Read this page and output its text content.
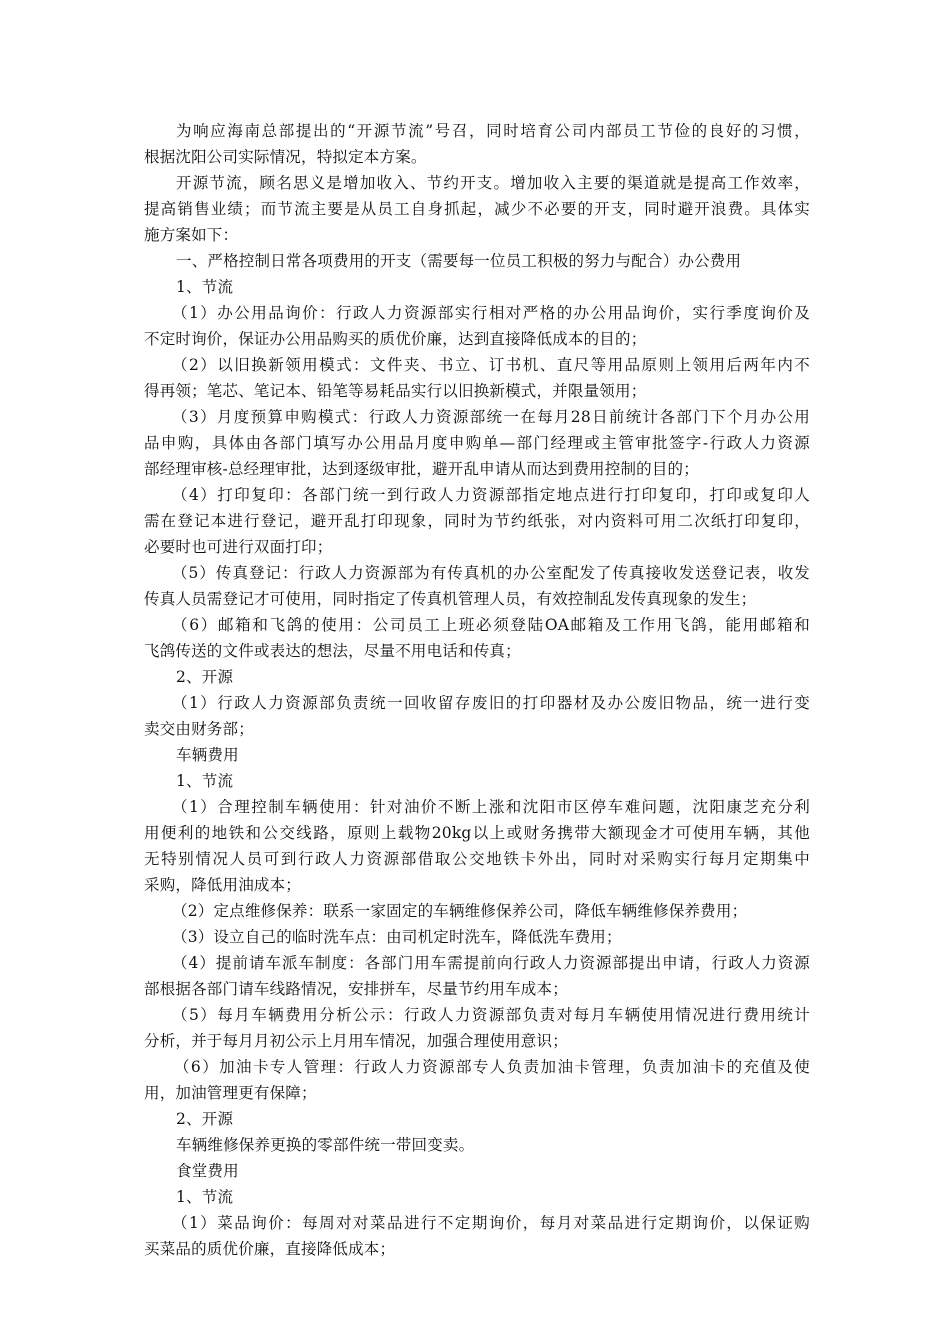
为响应海南总部提出的“开源节流”号召，同时培育公司内部员工节俭的良好的习惯，
根据沈阳公司实际情况，特拟定本方案。
开源节流，顾名思义是增加收入、节约开支。增加收入主要的渠道就是提高工作效率，
提高销售业绩；而节流主要是从员工自身抓起，减少不必要的开支，同时避开浪费。具体实
施方案如下：
一、严格控制日常各项费用的开支（需要每一位员工积极的努力与配合）办公费用
1、节流
（1）办公用品询价：行政人力资源部实行相对严格的办公用品询价，实行季度询价及
不定时询价，保证办公用品购买的质优价廉，达到直接降低成本的目的；
（2）以旧换新领用模式：文件夹、书立、订书机、直尺等用品原则上领用后两年内不
得再领；笔芯、笔记本、铅笔等易耗品实行以旧换新模式，并限量领用；
（3）月度预算申购模式：行政人力资源部统一在每月28日前统计各部门下个月办公用
品申购，具体由各部门填写办公用品月度申购单—部门经理或主管审批签字-行政人力资源
部经理审核-总经理审批，达到逐级审批，避开乱申请从而达到费用控制的目的；
（4）打印复印：各部门统一到行政人力资源部指定地点进行打印复印，打印或复印人
需在登记本进行登记，避开乱打印现象，同时为节约纸张，对内资料可用二次纸打印复印，
必要时也可进行双面打印；
（5）传真登记：行政人力资源部为有传真机的办公室配发了传真接收发送登记表，收发
传真人员需登记才可使用，同时指定了传真机管理人员，有效控制乱发传真现象的发生；
（6）邮箱和飞鸽的使用：公司员工上班必须登陆OA邮箱及工作用飞鸽，能用邮箱和
飞鸽传送的文件或表达的想法，尽量不用电话和传真；
2、开源
（1）行政人力资源部负责统一回收留存废旧的打印器材及办公废旧物品，统一进行变
卖交由财务部；
车辆费用
1、节流
（1）合理控制车辆使用：针对油价不断上涨和沈阳市区停车难问题，沈阳康芝充分利
用便利的地铁和公交线路，原则上载物20kg以上或财务携带大额现金才可使用车辆，其他
无特别情况人员可到行政人力资源部借取公交地铁卡外出，同时对采购实行每月定期集中
采购，降低用油成本；
（2）定点维修保养：联系一家固定的车辆维修保养公司，降低车辆维修保养费用；
（3）设立自己的临时洗车点：由司机定时洗车，降低洗车费用；
（4）提前请车派车制度：各部门用车需提前向行政人力资源部提出申请，行政人力资源
部根据各部门请车线路情况，安排拼车，尽量节约用车成本；
（5）每月车辆费用分析公示：行政人力资源部负责对每月车辆使用情况进行费用统计
分析，并于每月月初公示上月用车情况，加强合理使用意识；
（6）加油卡专人管理：行政人力资源部专人负责加油卡管理，负责加油卡的充值及使
用，加油管理更有保障；
2、开源
车辆维修保养更换的零部件统一带回变卖。
食堂费用
1、节流
（1）菜品询价：每周对对菜品进行不定期询价，每月对菜品进行定期询价，以保证购
买菜品的质优价廉，直接降低成本；
